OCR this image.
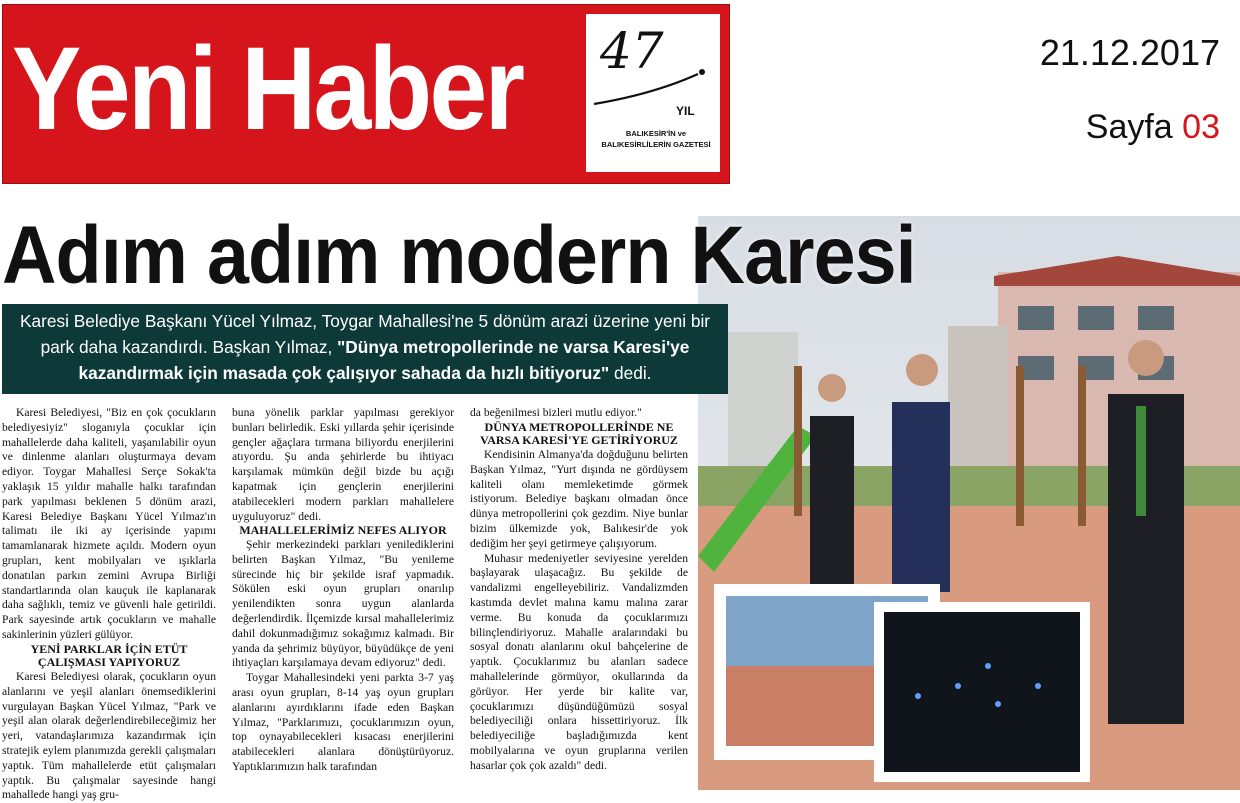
Yeni Haber 47
YIL
BALIKESİR'İN ve BALIKESİRLİLERİN GAZETESİ
21.12.2017
Sayfa 03
Adım adım modern Karesi
Karesi Belediye Başkanı Yücel Yılmaz, Toygar Mahallesi'ne 5 dönüm arazi üzerine yeni bir park daha kazandırdı. Başkan Yılmaz, "Dünya metropollerinde ne varsa Karesi'ye kazandırmak için masada çok çalışıyor sahada da hızlı bitiyoruz" dedi.

Karesi Belediyesi, "Biz en çok çocukların belediyesiyiz" sloganıyla çocuklar için mahallelerde daha kaliteli, yaşanılabilir oyun ve dinlenme alanları oluşturmaya devam ediyor. Toygar Mahallesi Serçe Sokak'ta yaklaşık 15 yıldır mahalle halkı tarafından park yapılması beklenen 5 dönüm arazi, Karesi Belediye Başkanı Yücel Yılmaz'ın talimatı ile iki ay içerisinde yapımı tamamlanarak hizmete açıldı. Modern oyun grupları, kent mobilyaları ve ışıklarla donatılan parkın zemini Avrupa Birliği standartlarında olan kauçuk ile kaplanarak daha sağlıklı, temiz ve güvenli hale getirildi. Park sayesinde artık çocukların ve mahalle sakinlerinin yüzleri gülüyor.

YENİ PARKLAR İÇİN ETÜT ÇALIŞMASI YAPIYORUZ

Karesi Belediyesi olarak, çocukların oyun alanlarını ve yeşil alanları önemsediklerini vurgulayan Başkan Yücel Yılmaz, "Park ve yeşil alan olarak değerlendirebileceğimiz her yeri, vatandaşlarımıza kazandırmak için stratejik eylem planımızda gerekli çalışmaları yaptık. Tüm mahallelerde etüt çalışmaları yaptık. Bu çalışmalar sayesinde hangi mahallede hangi yaş gru-

buna yönelik parklar yapılması gerekiyor bunları belirledik. Eski yıllarda şehir içerisinde gençler ağaçlara tırmana biliyordu enerjilerini atıyordu. Şu anda şehirlerde bu ihtiyacı karşılamak mümkün değil bizde bu açığı kapatmak için gençlerin enerjilerini atabilecekleri modern parkları mahallelere uyguluyoruz" dedi.

MAHALLELERİMİZ NEFES ALIYOR

Şehir merkezindeki parkları yenilediklerini belirten Başkan Yılmaz, "Bu yenileme sürecinde hiç bir şekilde israf yapmadık. Sökülen eski oyun grupları onarılıp yenilendikten sonra uygun alanlarda değerlendirdik. İlçemizde kırsal mahallelerimiz dahil dokunmadığımız sokağımız kalmadı. Bir yanda da şehrimiz büyüyor, büyüdükçe de yeni ihtiyaçları karşılamaya devam ediyoruz" dedi.

Toygar Mahallesindeki yeni parkta 3-7 yaş arası oyun grupları, 8-14 yaş oyun grupları alanlarını ayırdıklarını ifade eden Başkan Yılmaz, "Parklarımızı, çocuklarımızın oyun, top oynayabilecekleri kısacası enerjilerini atabilecekleri alanlara dönüştürüyoruz. Yaptıklarımızın halk tarafından

da beğenilmesi bizleri mutlu ediyor."

DÜNYA METROPOLLERİNDE NE VARSA KARESİ'YE GETİRİYORUZ

Kendisinin Almanya'da doğduğunu belirten Başkan Yılmaz, "Yurt dışında ne gördüysem kaliteli olanı memleketimde görmek istiyorum. Belediye başkanı olmadan önce dünya metropollerini çok gezdim. Niye bunlar bizim ülkemizde yok, Balıkesir'de yok dediğim her şeyi getirmeye çalışıyorum.

Muhasır medeniyetler seviyesine yerelden başlayarak ulaşacağız. Bu şekilde de vandalizmi engelleyebiliriz. Vandalizmden kastımda devlet malına kamu malına zarar verme. Bu konuda da çocuklarımızı bilinçlendiriyoruz. Mahalle aralarındaki bu sosyal donatı alanlarını okul bahçelerine de yaptık. Çocuklarımız bu alanları sadece mahallelerinde görmüyor, okullarında da görüyor. Her yerde bir kalite var, çocuklarımızı düşündüğümüzü sosyal belediyeciliği onlara hissettiriyoruz. İlk belediyeciliğe başladığımızda kent mobilyalarına ve oyun gruplarına verilen hasarlar çok çok azaldı" dedi.
